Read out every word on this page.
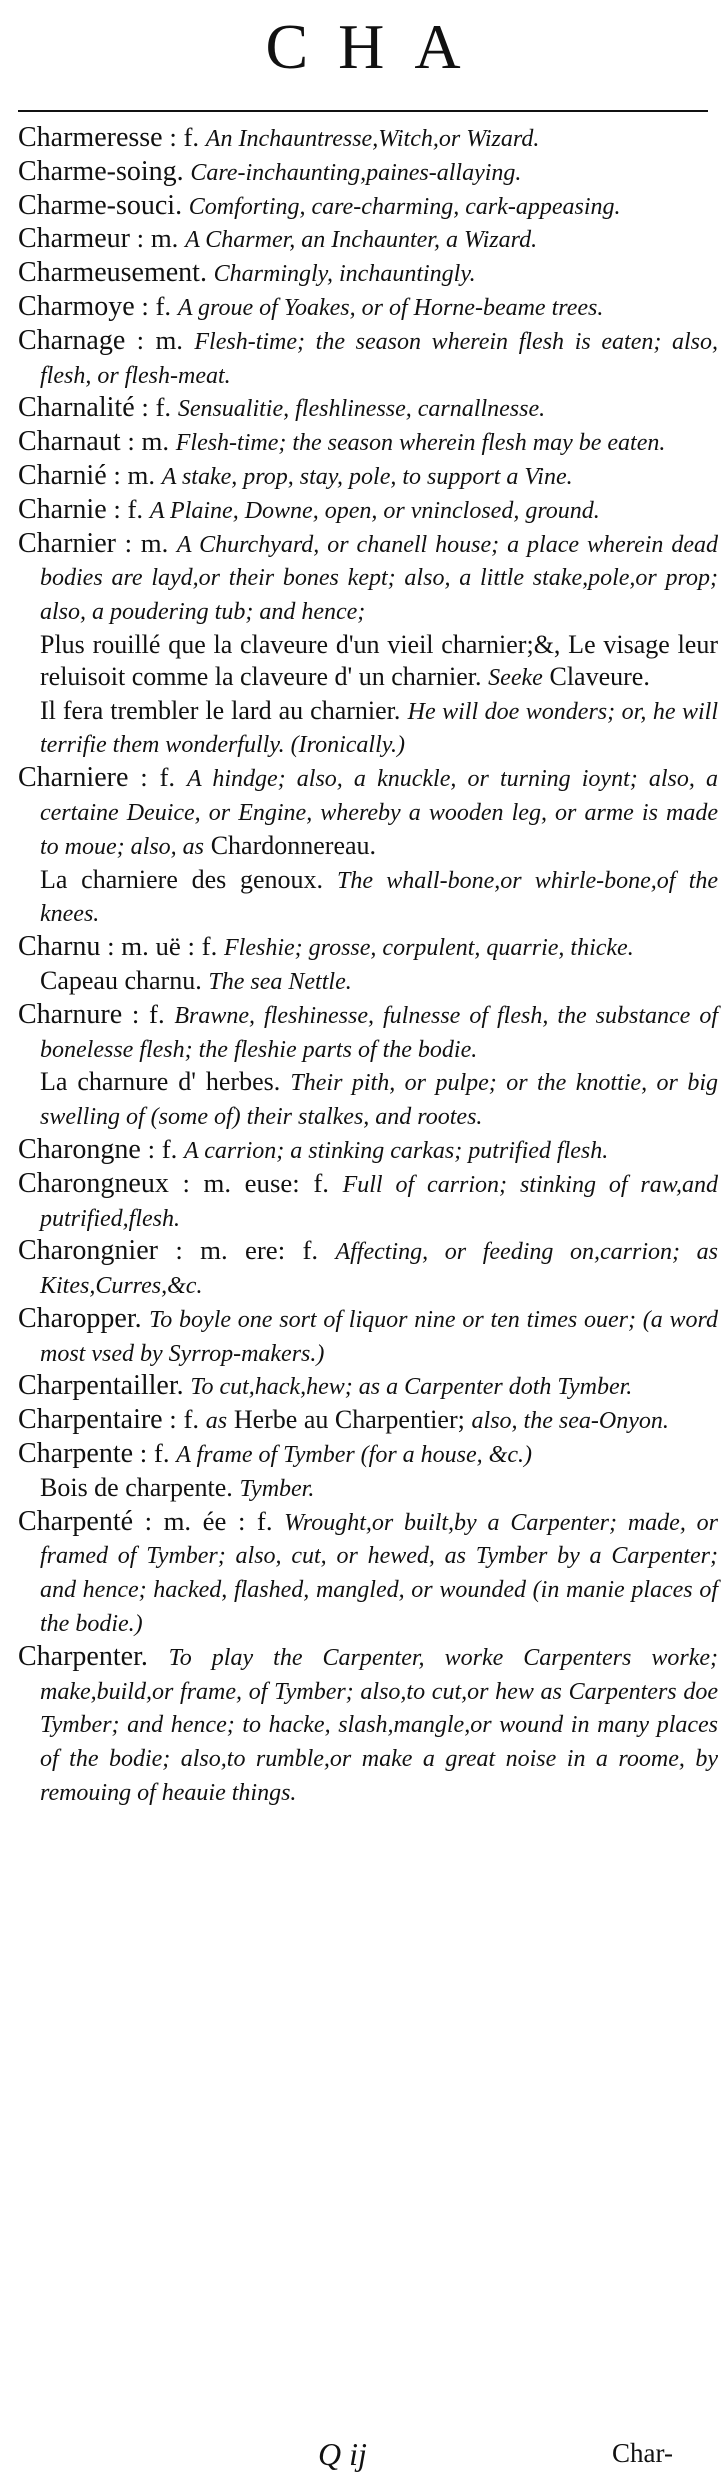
CHA

Charmeresse : f. An Inchauntresse,Witch,or Wizard.

Charme-soing. Care-inchaunting,paines-allaying.

Charme-souci. Comforting, care-charming, cark-appeasing.

Charmeur : m. A Charmer, an Inchaunter, a Wizard.

Charmeusement. Charmingly, inchauntingly.

Charmoye : f. A groue of Yoakes, or of Horne-beame trees.

Charnage : m. Flesh-time; the season wherein flesh is eaten; also, flesh, or flesh-meat.

Charnalité : f. Sensualitie, fleshlinesse, carnallnesse.

Charnaut : m. Flesh-time; the season wherein flesh may be eaten.

Charnié : m. A stake, prop, stay, pole, to support a Vine.

Charnie : f. A Plaine, Downe, open, or vninclosed, ground.

Charnier : m. A Churchyard, or chanell house; a place wherein dead bodies are layd,or their bones kept; also, a little stake,pole,or prop; also, a poudering tub; and hence;

Plus rouillé que la claveure d'un vieil charnier;&, Le visage leur reluisoit comme la claveure d' un charnier. Seeke Claveure.

Il fera trembler le lard au charnier. He will doe wonders; or, he will terrifie them wonderfully. (Ironically.)

Charniere : f. A hindge; also, a knuckle, or turning ioynt; also, a certaine Deuice, or Engine, whereby a wooden leg, or arme is made to moue; also, as Chardonnereau.

La charniere des genoux. The whall-bone,or whirle-bone,of the knees.

Charnu : m. uë : f. Fleshie; grosse, corpulent, quarrie, thicke.

Capeau charnu. The sea Nettle.

Charnure : f. Brawne, fleshinesse, fulnesse of flesh, the substance of bonelesse flesh; the fleshie parts of the bodie.

La charnure d' herbes. Their pith, or pulpe; or the knottie, or big swelling of (some of) their stalkes, and rootes.

Charongne : f. A carrion; a stinking carkas; putrified flesh.

Charongneux : m. euse: f. Full of carrion; stinking of raw,and putrified,flesh.

Charongnier : m. ere: f. Affecting, or feeding on,carrion; as Kites,Curres,&c.

Charopper. To boyle one sort of liquor nine or ten times ouer; (a word most vsed by Syrrop-makers.)

Charpentailler. To cut,hack,hew; as a Carpenter doth Tymber.

Charpentaire : f. as Herbe au Charpentier; also, the sea-Onyon.

Charpente : f. A frame of Tymber (for a house, &c.)

Bois de charpente. Tymber.

Charpenté : m. ée : f. Wrought,or built,by a Carpenter; made, or framed of Tymber; also, cut, or hewed, as Tymber by a Carpenter; and hence; hacked, flashed, mangled, or wounded (in manie places of the bodie.)

Charpenter. To play the Carpenter, worke Carpenters worke; make,build,or frame, of Tymber; also,to cut,or hew as Carpenters doe Tymber; and hence; to hacke, slash,mangle,or wound in many places of the bodie; also,to rumble,or make a great noise in a roome, by remouing of heauie things.

Q ij	Char-
